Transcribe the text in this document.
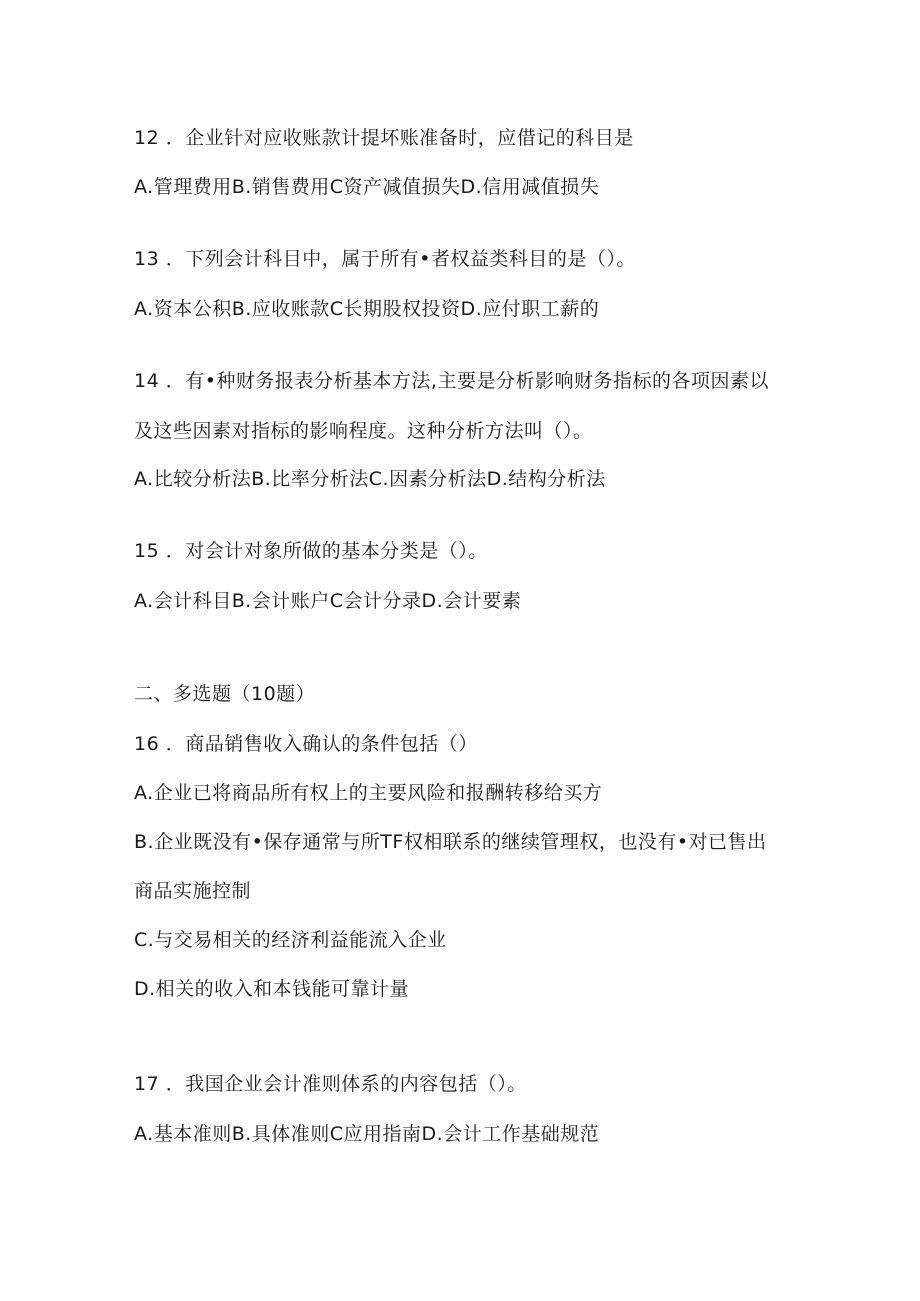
12 ．企业针对应收账款计提坏账准备时，应借记的科目是
A.管理费用B.销售费用C资产减值损失D.信用减值损失
13 ．下列会计科目中，属于所有•者权益类科目的是（）。
A.资本公积B.应收账款C长期股权投资D.应付职工薪的
14 ．有•种财务报表分析基本方法,主要是分析影响财务指标的各项因素以
及这些因素对指标的影响程度。这种分析方法叫（）。
A.比较分析法B.比率分析法C.因素分析法D.结构分析法
15 ．对会计对象所做的基本分类是（）。
A.会计科目B.会计账户C会计分录D.会计要素
二、多选题（10题）
16 ．商品销售收入确认的条件包括（）
A.企业已将商品所有权上的主要风险和报酬转移给买方
B.企业既没有•保存通常与所TF权相联系的继续管理权，也没有•对已售出
商品实施控制
C.与交易相关的经济利益能流入企业
D.相关的收入和本钱能可靠计量
17 ．我国企业会计准则体系的内容包括（）。
A.基本准则B.具体准则C应用指南D.会计工作基础规范
